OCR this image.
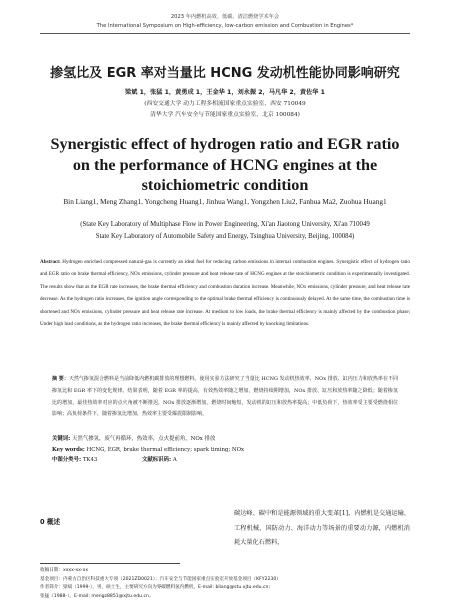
2023 年内燃机高效、低碳、清洁燃烧学术年会
The International Symposium on High-efficiency, low-carbon emission and Combustion in Engines*
掺氢比及 EGR 率对当量比 HCNG 发动机性能协同影响研究
梁斌 1，张猛 1，黄勇成 1，王金华 1，刘永振 2，马凡华 2，黄佐华 1
(西安交通大学 动力工程多相流国家重点实验室，西安 710049
清华大学 汽车安全与节能国家重点实验室，北京 100084)
Synergistic effect of hydrogen ratio and EGR ratio on the performance of HCNG engines at the stoichiometric condition
Bin Liang1, Meng Zhang1, Yongcheng Huang1, Jinhua Wang1, Yongzhen Liu2, Fanhua Ma2, Zuohua Huang1
(State Key Laboratory of Multiphase Flow in Power Engineering, Xi'an Jiaotong University, Xi'an 710049
State Key Laboratory of Automobile Safety and Energy, Tsinghua University, Beijing, 100084)

Abstract: Hydrogen enriched compressed natural-gas is currently an ideal fuel for reducing carbon emissions in internal combustion engines. Synergistic effect of hydrogen ratio and EGR ratio on brake thermal efficiency, NOx emissions, cylinder pressure and heat release rate of HCNG engines at the stoichiometric condition is experimentally investigated. The results show that as the EGR rate increases, the brake thermal efficiency and combustion duration increase. Meanwhile, NOx emissions, cylinder pressure, and heat release rate decrease. As the hydrogen ratio increases, the ignition angle corresponding to the optimal brake thermal efficiency is continuously delayed. At the same time, the combustion time is shortened and NOx emissions, cylinder pressure and heat release rate increase. At medium to low loads, the brake thermal efficiency is mainly affected by the combustion phase; Under high load conditions, as the hydrogen ratio increases, the brake thermal efficiency is mainly affected by knocking limitations.

摘 要：天然气掺氢混合燃料是当前降低内燃机碳排放的理想燃料。使用实验方法研究了当量比 HCNG 发动机热效率、NOx 排放、缸内压力和放热率在不同掺氢比和 EGR 率下的变化规律。结果表明，随着 EGR 率的提高，有效热效率随之增加，燃烧持续期增加，NOx 排放、缸压和放热率随之降低；随着掺氢比的增加，最佳热效率对应的点火角被不断推迟，NOx 排放逐渐增加，燃烧时间缩短，发动机的缸压和放热率提高；中低负荷下，热效率受主要受燃烧相位影响；高负荷条件下，随着掺氢比增加，热效率主要受爆震限制影响。

关键词: 天然气掺氢，废气再循环，热效率，点火提前角，NOx 排放
Key words: HCNG, EGR, brake thermal efficiency; spark timing; NOx
中图分类号: TK43	文献标识码: A
0 概述
碳达峰、碳中和是能源领域的重大变革[1]，内燃机是交通运输、工程机械、国防动力、海洋动力等场景的重要动力源，内燃机消耗大量化石燃料，
收稿日期：xxxx-xx-xx
基金项目：内蒙古自治区科技重大专项（2021ZD0021）；汽车安全与节能国家重点实验室开放基金项目（KFY2230）
作者简介：梁斌（1999-），男，硕士生，主要研究方向为零碳燃料氢内燃机，E-mail: bliang@stu.xjtu.edu.cn;
张猛（1988-），E-mail: mengz8851@xjtu.edu.cn。
